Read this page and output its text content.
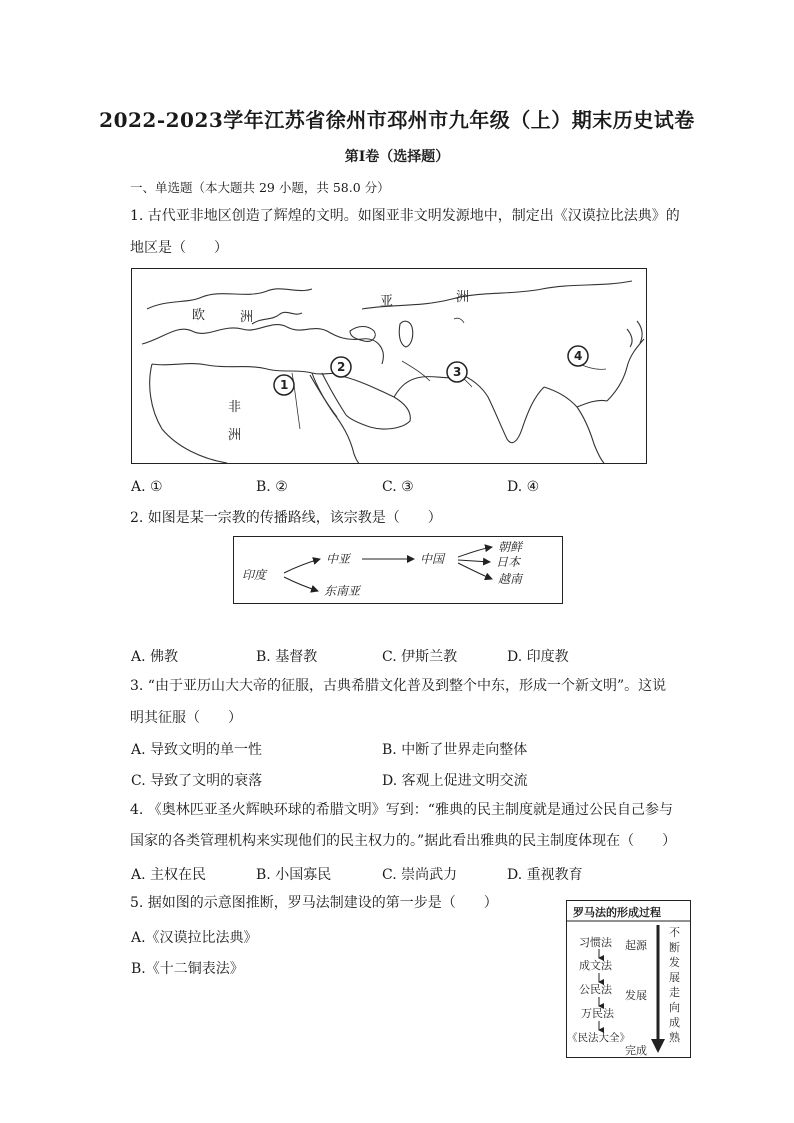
2022-2023学年江苏省徐州市邳州市九年级（上）期末历史试卷
第I卷（选择题）
一、单选题（本大题共 29 小题，共 58.0 分）
1. 古代亚非地区创造了辉煌的文明。如图亚非文明发源地中，制定出《汉谟拉比法典》的
地区是（　　）
亚	洲
欧	洲
非
洲
1
2	3
4
A. ①	B. ②	C. ③	D. ④
2. 如图是某一宗教的传播路线，该宗教是（　　）
印度
中亚	中国
东南亚
朝鲜
日本
越南
A. 佛教	B. 基督教	C. 伊斯兰教	D. 印度教
3. “由于亚历山大大帝的征服，古典希腊文化普及到整个中东，形成一个新文明”。这说
明其征服（　　）
A. 导致文明的单一性	B. 中断了世界走向整体
C. 导致了文明的衰落	D. 客观上促进文明交流
4. 《奥林匹亚圣火辉映环球的希腊文明》写到：“雅典的民主制度就是通过公民自己参与
国家的各类管理机构来实现他们的民主权力的。”据此看出雅典的民主制度体现在（　　）
A. 主权在民	B. 小国寡民	C. 崇尚武力	D. 重视教育
5. 据如图的示意图推断，罗马法制建设的第一步是（　　）
A.《汉谟拉比法典》
B.《十二铜表法》
罗马法的形成过程
习惯法
成文法
公民法
万民法
《民法大全》
起源
发展
完成
不
断
发
展
走
向
成
熟
